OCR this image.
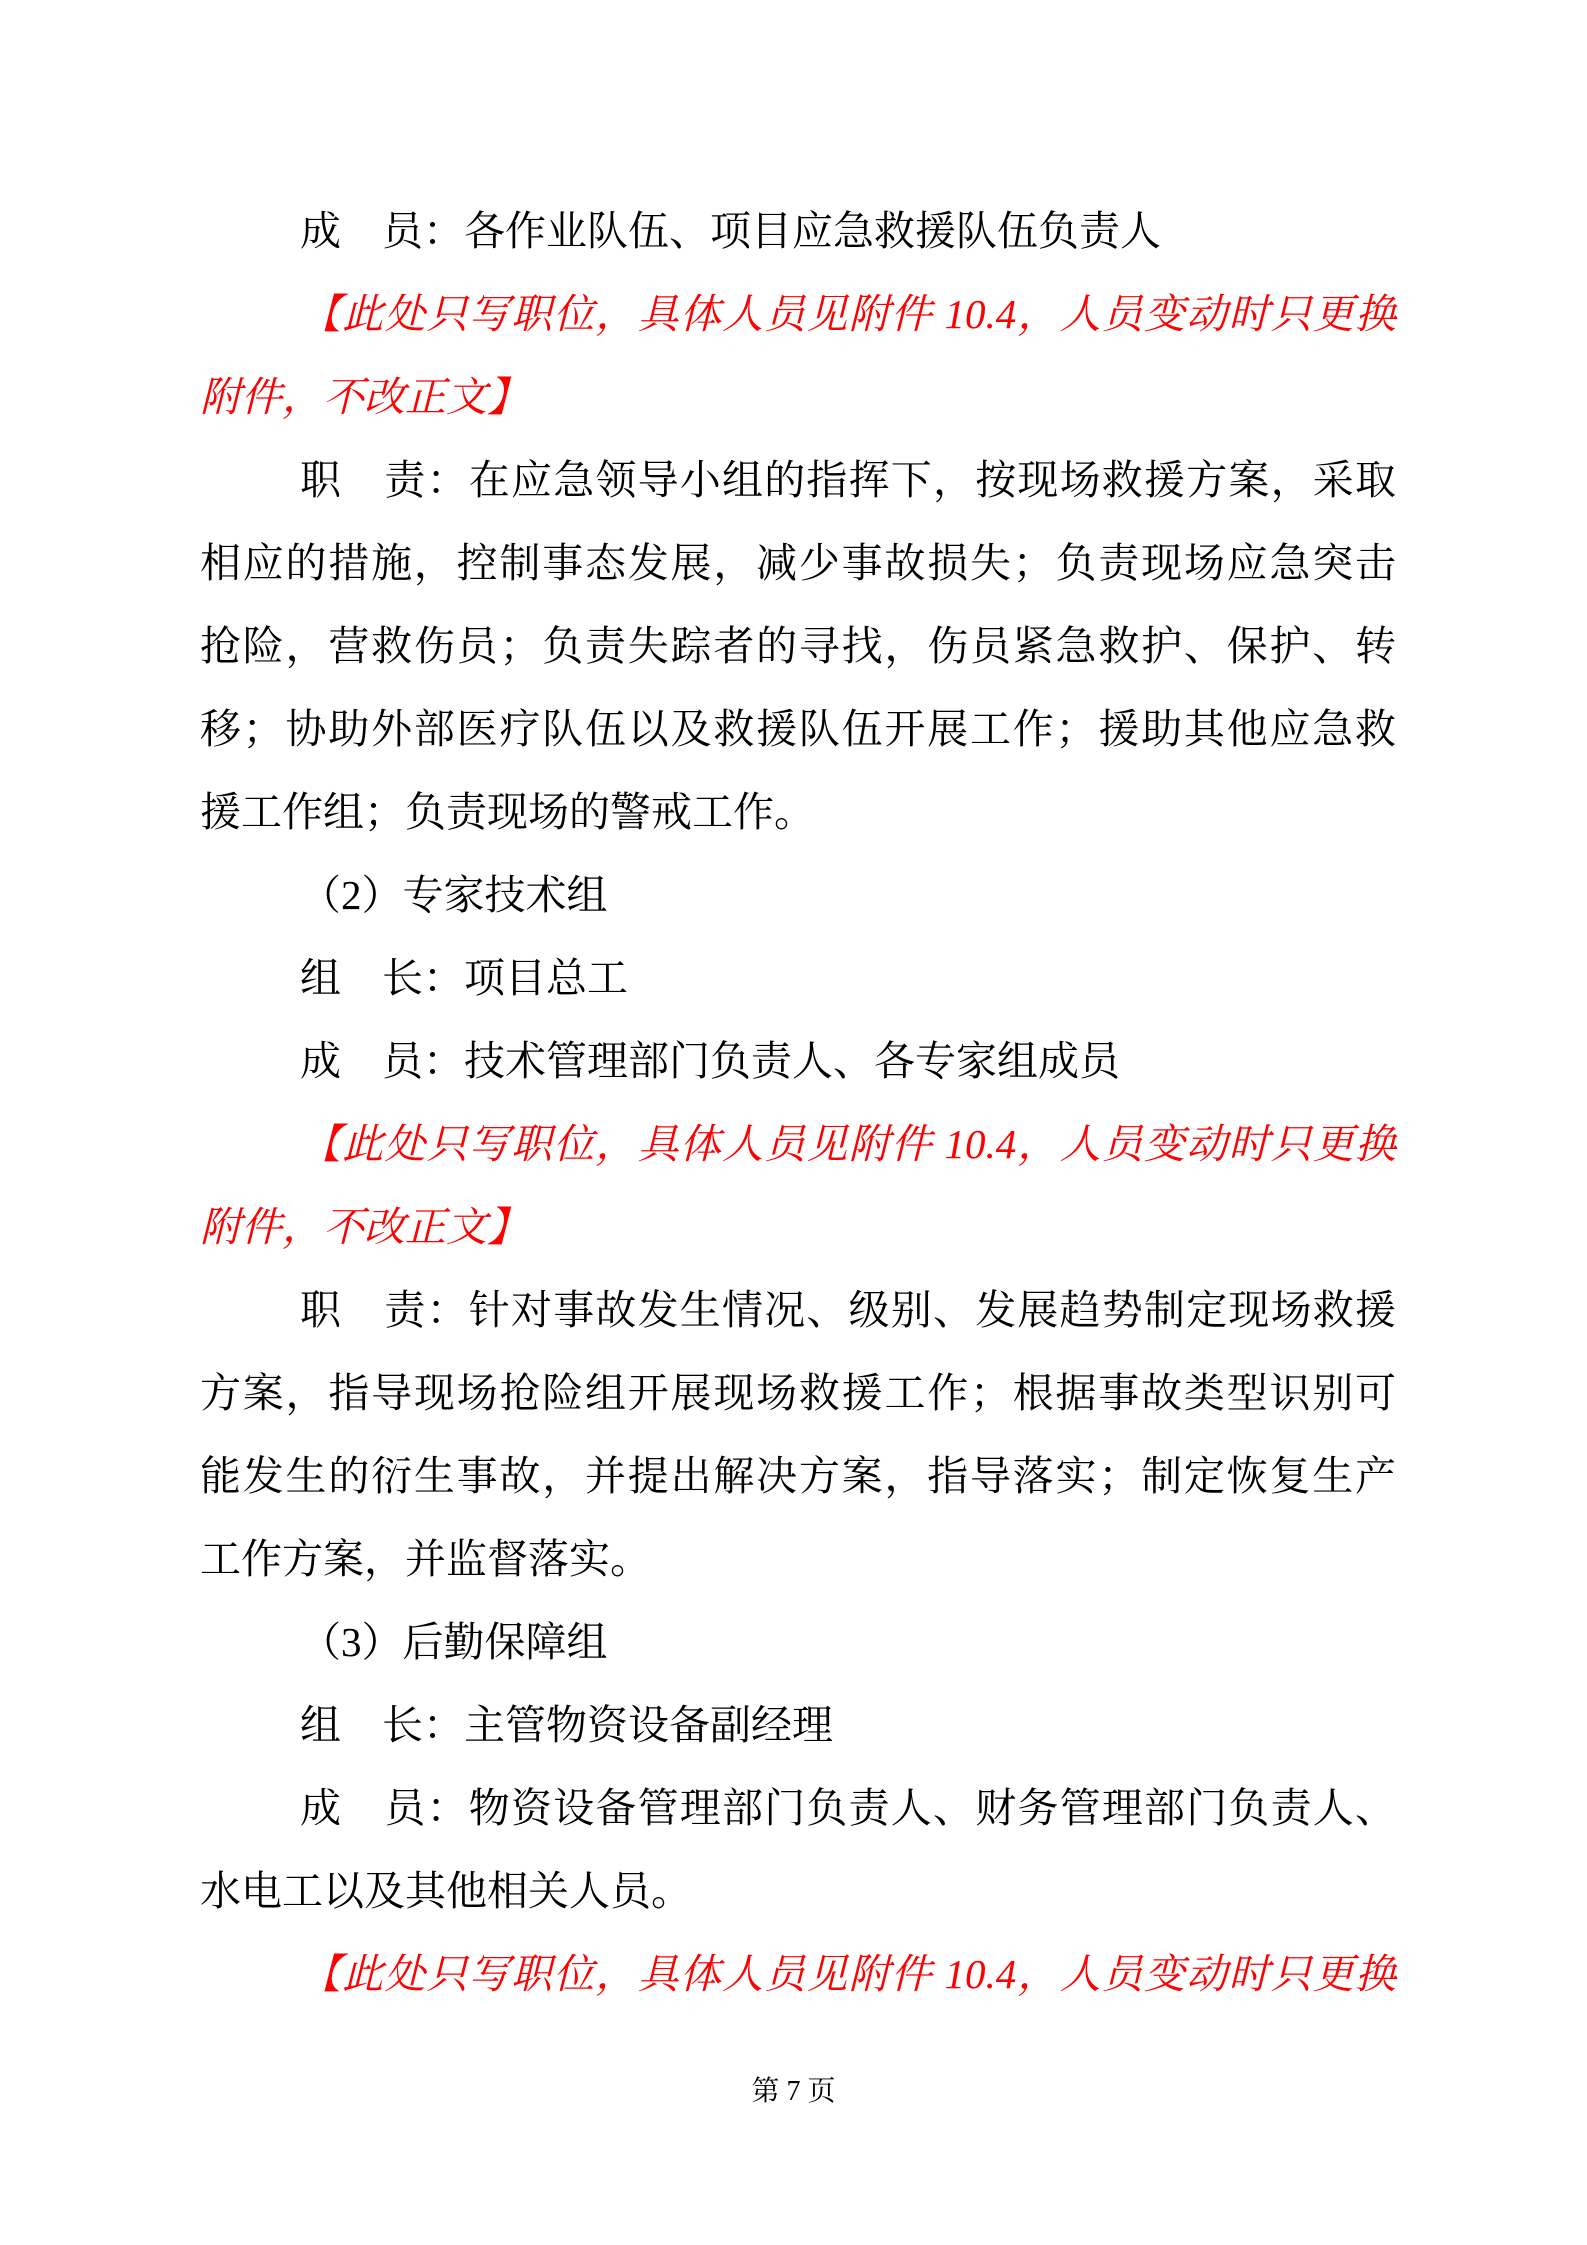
成　员：各作业队伍、项目应急救援队伍负责人
【此处只写职位，具体人员见附件 10.4，人员变动时只更换
附件，不改正文】
职　责：在应急领导小组的指挥下，按现场救援方案，采取
相应的措施，控制事态发展，减少事故损失；负责现场应急突击
抢险，营救伤员；负责失踪者的寻找，伤员紧急救护、保护、转
移；协助外部医疗队伍以及救援队伍开展工作；援助其他应急救
援工作组；负责现场的警戒工作。
（2）专家技术组
组　长：项目总工
成　员：技术管理部门负责人、各专家组成员
【此处只写职位，具体人员见附件 10.4，人员变动时只更换
附件，不改正文】
职　责：针对事故发生情况、级别、发展趋势制定现场救援
方案，指导现场抢险组开展现场救援工作；根据事故类型识别可
能发生的衍生事故，并提出解决方案，指导落实；制定恢复生产
工作方案，并监督落实。
（3）后勤保障组
组　长：主管物资设备副经理
成　员：物资设备管理部门负责人、财务管理部门负责人、
水电工以及其他相关人员。
【此处只写职位，具体人员见附件 10.4，人员变动时只更换
第 7 页
